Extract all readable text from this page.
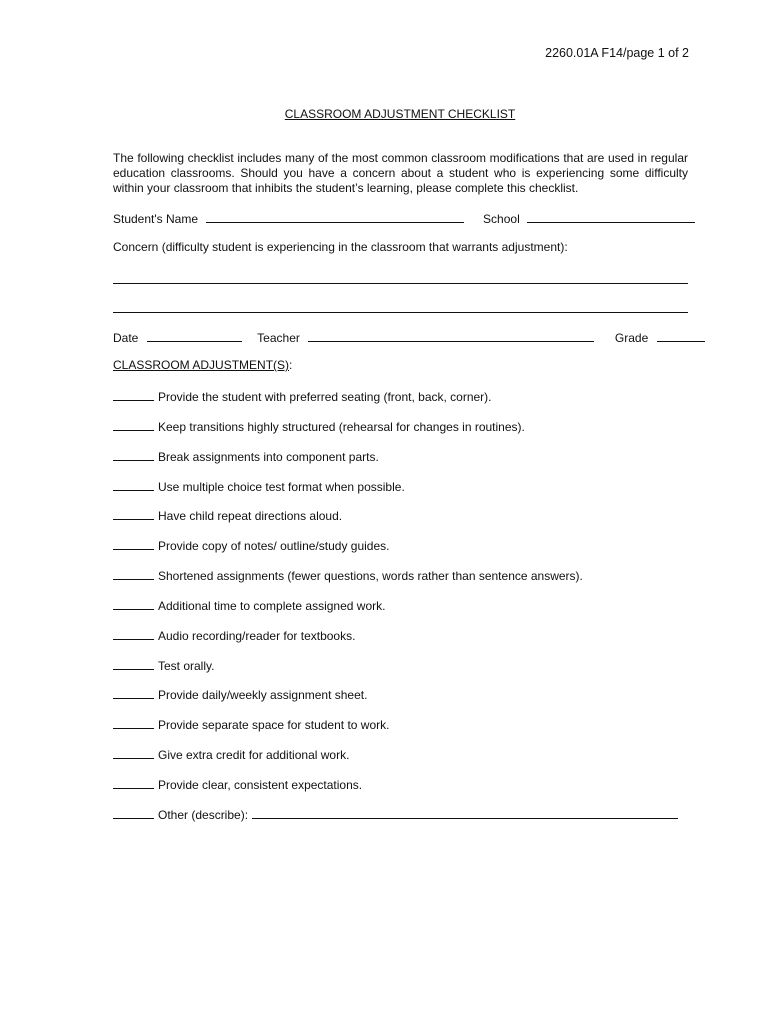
2260.01A F14/page 1 of 2
CLASSROOM ADJUSTMENT CHECKLIST

The following checklist includes many of the most common classroom modifications that are used in regular education classrooms. Should you have a concern about a student who is experiencing some difficulty within your classroom that inhibits the student’s learning, please complete this checklist.

Student's Name	School
Concern (difficulty student is experiencing in the classroom that warrants adjustment):
Date	Teacher	Grade
CLASSROOM ADJUSTMENT(S):
Provide the student with preferred seating (front, back, corner).
Keep transitions highly structured (rehearsal for changes in routines).
Break assignments into component parts.
Use multiple choice test format when possible.
Have child repeat directions aloud.
Provide copy of notes/ outline/study guides.
Shortened assignments (fewer questions, words rather than sentence answers).
Additional time to complete assigned work.
Audio recording/reader for textbooks.
Test orally.
Provide daily/weekly assignment sheet.
Provide separate space for student to work.
Give extra credit for additional work.
Provide clear, consistent expectations.
Other (describe):
